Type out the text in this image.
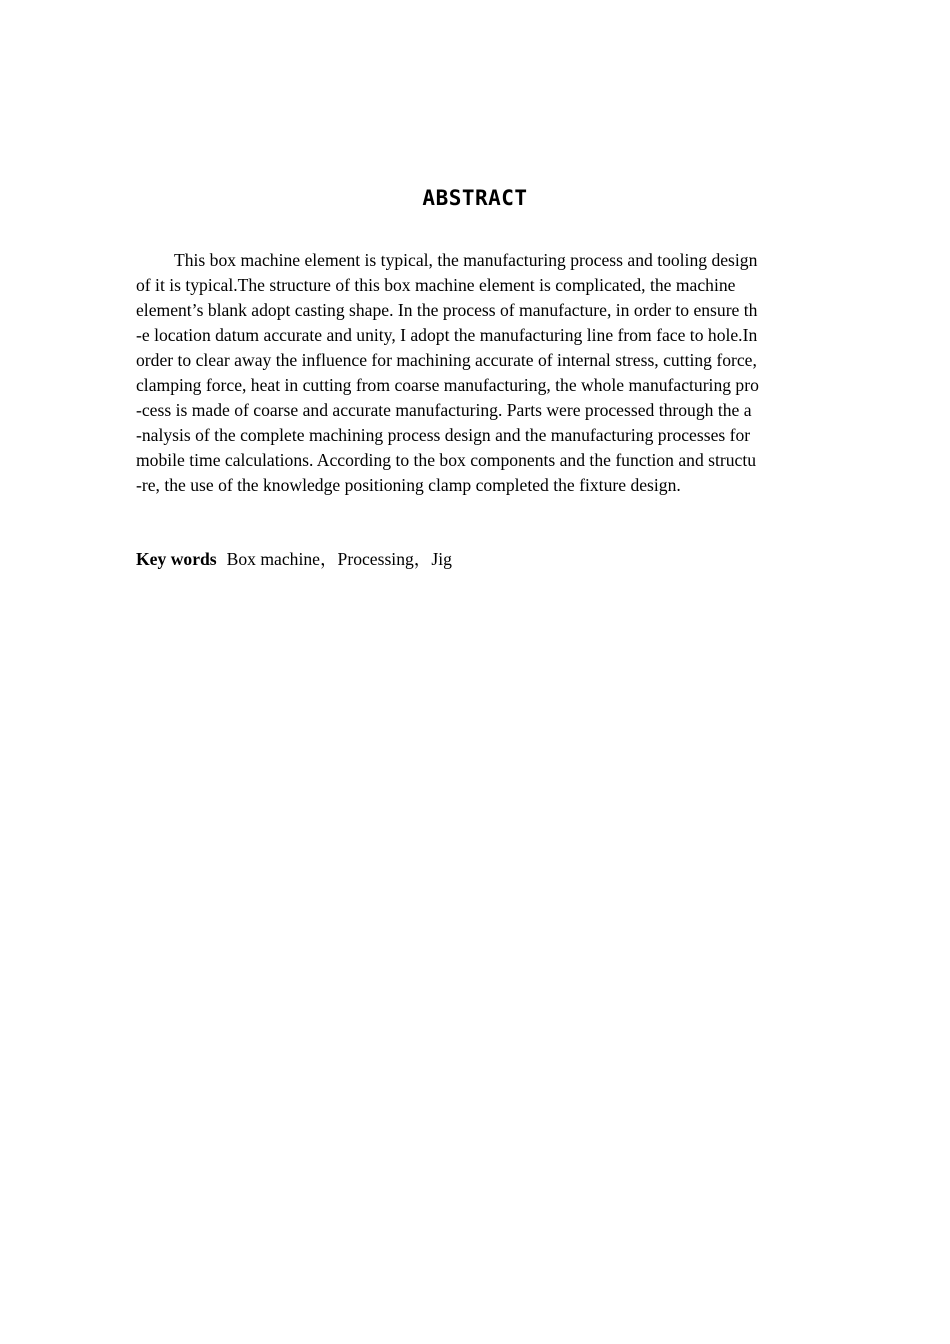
ABSTRACT
This box machine element is typical, the manufacturing process and tooling design
of it is typical.The structure of this box machine element is complicated, the machine
element’s blank adopt casting shape. In the process of manufacture, in order to ensure th
-e location datum accurate and unity, I adopt the manufacturing line from face to hole.In
order to clear away the influence for machining accurate of internal stress, cutting force,
clamping force, heat in cutting from coarse manufacturing, the whole manufacturing pro
-cess is made of coarse and accurate manufacturing. Parts were processed through the a
-nalysis of the complete machining process design and the manufacturing processes for
mobile time calculations. According to the box components and the function and structu
-re, the use of the knowledge positioning clamp completed the fixture design.
Key words Box machine，Processing，Jig
